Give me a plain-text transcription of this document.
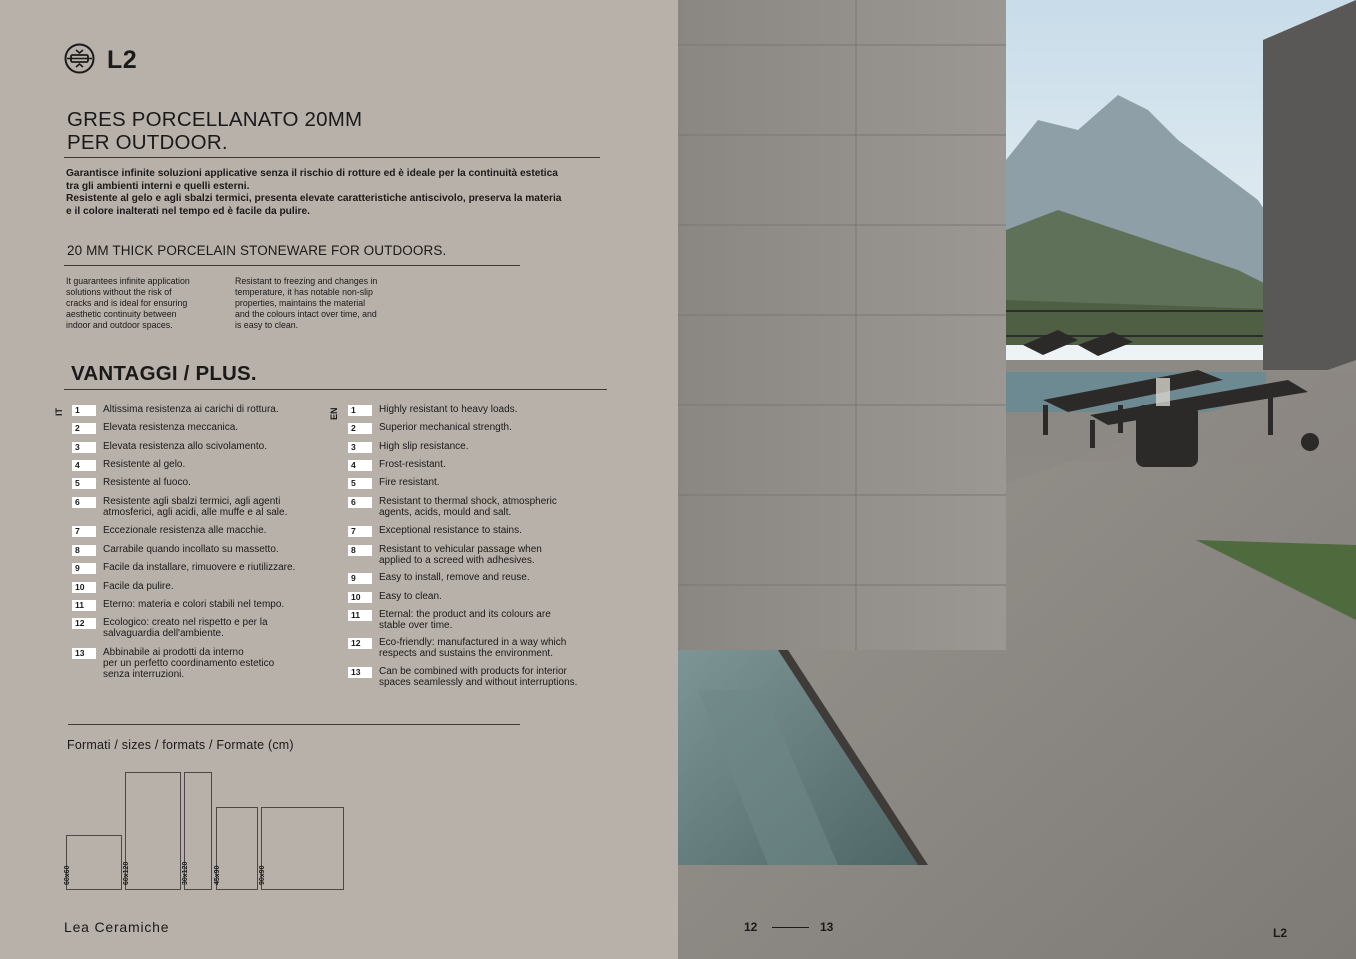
L2
GRES PORCELLANATO 20MM
PER OUTDOOR.

Garantisce infinite soluzioni applicative senza il rischio di rotture ed è ideale per la continuità estetica

tra gli ambienti interni e quelli esterni.

Resistente al gelo e agli sbalzi termici, presenta elevate caratteristiche antiscivolo, preserva la materia

e il colore inalterati nel tempo ed è facile da pulire.

20 MM THICK PORCELAIN STONEWARE FOR OUTDOORS.
It guarantees infinite application
solutions without the risk of
cracks and is ideal for ensuring
aesthetic continuity between
indoor and outdoor spaces.
Resistant to freezing and changes in
temperature, it has notable non-slip
properties, maintains the material
and the colours intact over time, and
is easy to clean.
VANTAGGI / PLUS.
IT	EN
1	Altissima resistenza ai carichi di rottura.
2	Elevata resistenza meccanica.
3	Elevata resistenza allo scivolamento.
4	Resistente al gelo.
5	Resistente al fuoco.
6	Resistente agli sbalzi termici, agli agenti
atmosferici, agli acidi, alle muffe e al sale.
7	Eccezionale resistenza alle macchie.
8	Carrabile quando incollato su massetto.
9	Facile da installare, rimuovere e riutilizzare.
10	Facile da pulire.
11	Eterno: materia e colori stabili nel tempo.
12	Ecologico: creato nel rispetto e per la
salvaguardia dell'ambiente.
13	Abbinabile ai prodotti da interno
per un perfetto coordinamento estetico
senza interruzioni.
1	Highly resistant to heavy loads.
2	Superior mechanical strength.
3	High slip resistance.
4	Frost-resistant.
5	Fire resistant.
6	Resistant to thermal shock, atmospheric
agents, acids, mould and salt.
7	Exceptional resistance to stains.
8	Resistant to vehicular passage when
applied to a screed with adhesives.
9	Easy to install, remove and reuse.
10	Easy to clean.
11	Eternal: the product and its colours are
stable over time.
12	Eco-friendly: manufactured in a way which
respects and sustains the environment.
13	Can be combined with products for interior
spaces seamlessly and without interruptions.
Formati / sizes / formats / Formate (cm)
60x60	60x120	30x120	45x90	90x90
Lea Ceramiche	L2
12	13
